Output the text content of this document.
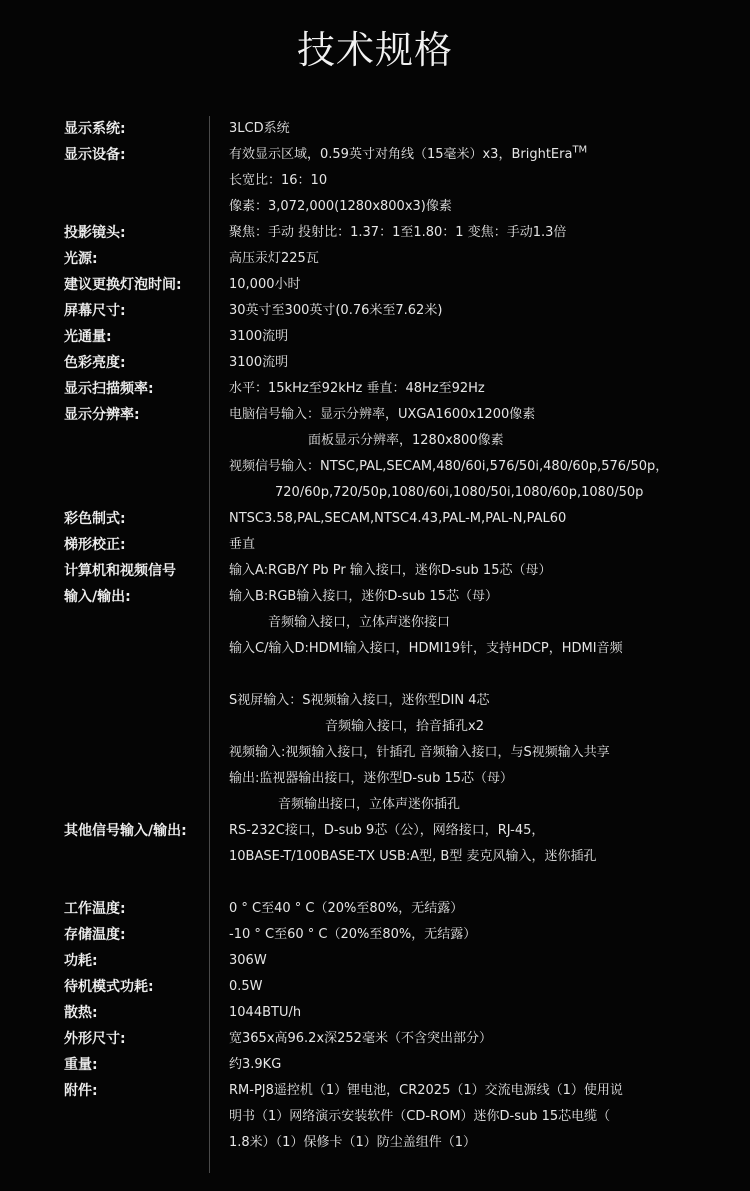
技术规格
显示系统:
显示设备:
投影镜头:
光源:
建议更换灯泡时间:
屏幕尺寸:
光通量:
色彩亮度:
显示扫描频率:
显示分辨率:
彩色制式:
梯形校正:
计算机和视频信号
输入/输出:
其他信号输入/输出:
工作温度:
存储温度:
功耗:
待机模式功耗:
散热:
外形尺寸:
重量:
附件:
3LCD系统
有效显示区域，0.59英寸对角线（15毫米）x3，BrightEra™
长宽比：16：10
像素：3,072,000(1280x800x3)像素
聚焦：手动 投射比：1.37：1至1.80：1 变焦：手动1.3倍
高压汞灯225瓦
10,000小时
30英寸至300英寸(0.76米至7.62米)
3100流明
3100流明
水平：15kHz至92kHz 垂直：48Hz至92Hz
电脑信号输入：显示分辨率，UXGA1600x1200像素
面板显示分辨率，1280x800像素
视频信号输入：NTSC,PAL,SECAM,480/60i,576/50i,480/60p,576/50p，
720/60p,720/50p,1080/60i,1080/50i,1080/60p,1080/50p
NTSC3.58,PAL,SECAM,NTSC4.43,PAL-M,PAL-N,PAL60
垂直
输入A:RGB/Y Pb Pr 输入接口，迷你D-sub 15芯（母）
输入B:RGB输入接口，迷你D-sub 15芯（母）
音频输入接口，立体声迷你接口
输入C/输入D:HDMI输入接口，HDMI19针，支持HDCP，HDMI音频
S视屏输入：S视频输入接口，迷你型DIN 4芯
音频输入接口，拾音插孔x2
视频输入:视频输入接口，针插孔 音频输入接口，与S视频输入共享
输出:监视器输出接口，迷你型D-sub 15芯（母）
音频输出接口，立体声迷你插孔
RS-232C接口，D-sub 9芯（公），网络接口，RJ-45，
10BASE-T/100BASE-TX USB:A型, B型 麦克风输入，迷你插孔
0 ° C至40 ° C（20%至80%，无结露）
-10 ° C至60 ° C（20%至80%，无结露）
306W
0.5W
1044BTU/h
宽365x高96.2x深252毫米（不含突出部分）
约3.9KG
RM-PJ8遥控机（1）锂电池，CR2025（1）交流电源线（1）使用说
明书（1）网络演示安装软件（CD-ROM）迷你D-sub 15芯电缆（
1.8米）（1）保修卡（1）防尘盖组件（1）
